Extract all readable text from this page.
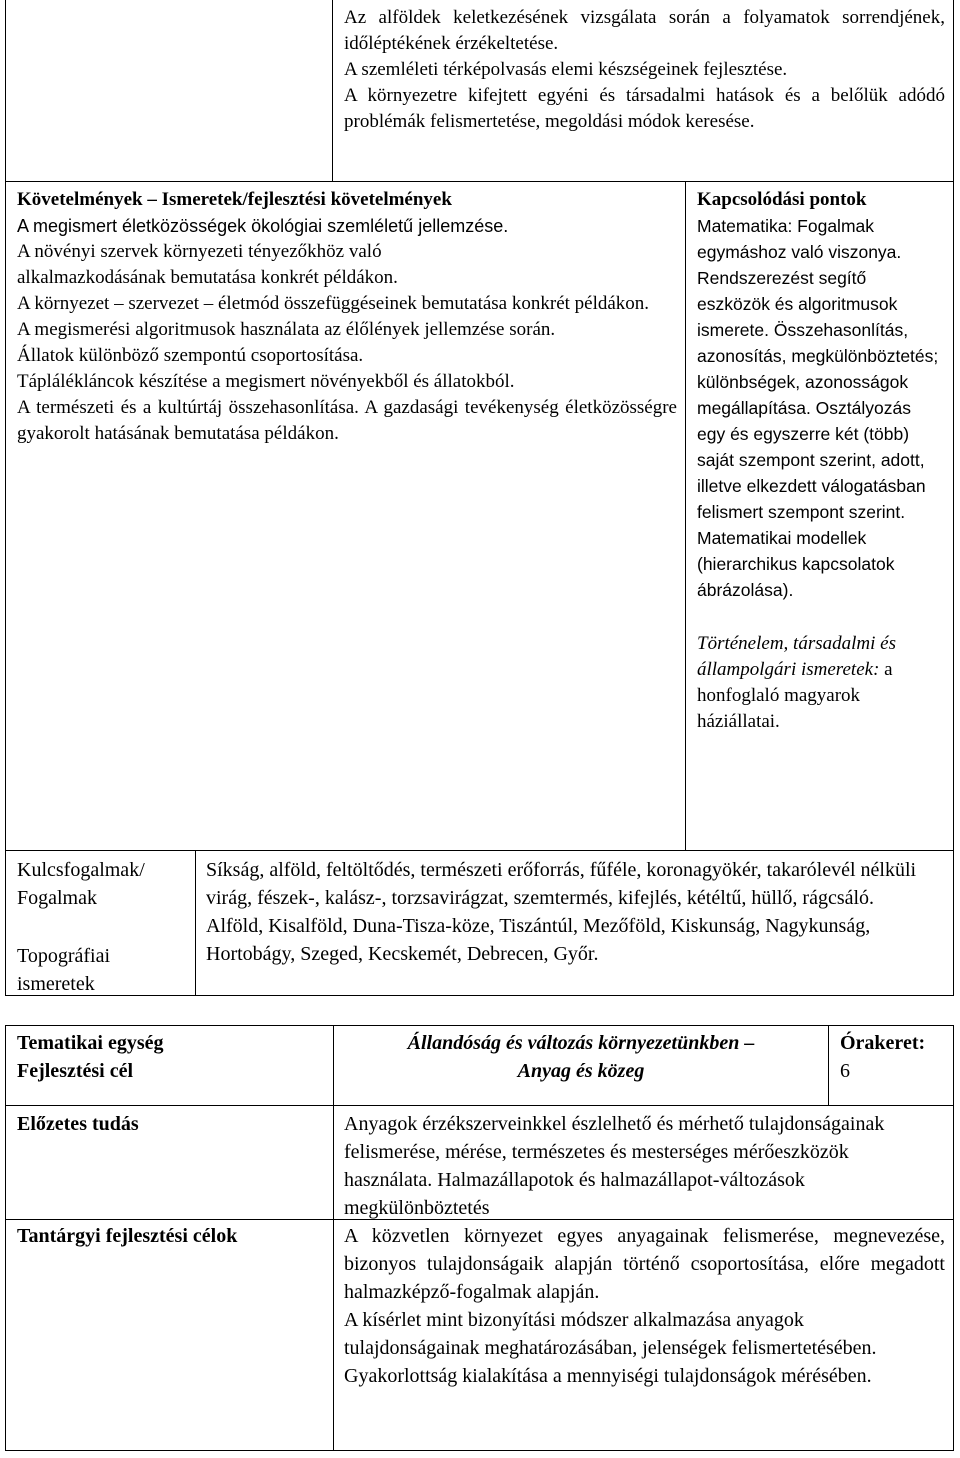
Az alföldek keletkezésének vizsgálata során a folyamatok sorrendjének, időléptékének érzékeltetése.

A szemléleti térképolvasás elemi készségeinek fejlesztése.

A környezetre kifejtett egyéni és társadalmi hatások és a belőlük adódó problémák felismertetése, megoldási módok keresése.

Követelmények – Ismeretek/fejlesztési követelmények

A megismert életközösségek ökológiai szemléletű jellemzése.

A növényi szervek környezeti tényezőkhöz való alkalmazkodásának bemutatása konkrét példákon.

A környezet – szervezet – életmód összefüggéseinek bemutatása konkrét példákon.

A megismerési algoritmusok használata az élőlények jellemzése során.

Állatok különböző szempontú csoportosítása.

Táplálékláncok készítése a megismert növényekből és állatokból.

A természeti és a kultúrtáj összehasonlítása. A gazdasági tevékenység életközösségre gyakorolt hatásának bemutatása példákon.

Kapcsolódási pontok

Matematika: Fogalmak egymáshoz való viszonya. Rendszerezést segítő eszközök és algoritmusok ismerete. Összehasonlítás, azonosítás, megkülönböztetés; különbségek, azonosságok megállapítása. Osztályozás egy és egyszerre két (több) saját szempont szerint, adott, illetve elkezdett válogatásban felismert szempont szerint. Matematikai modellek (hierarchikus kapcsolatok ábrázolása).

Történelem, társadalmi és állampolgári ismeretek: a honfoglaló magyarok háziállatai.

Kulcsfogalmak/ Fogalmak

Topográfiai ismeretek

Síkság, alföld, feltöltődés, természeti erőforrás, fűféle, koronagyökér, takarólevél nélküli virág, fészek-, kalász-, torzsavirágzat, szemtermés, kifejlés, kétéltű, hüllő, rágcsáló.

Alföld, Kisalföld, Duna-Tisza-köze, Tiszántúl, Mezőföld, Kiskunság, Nagykunság, Hortobágy, Szeged, Kecskemét, Debrecen, Győr.

Tematikai egység

Fejlesztési cél

Állandóság és változás környezetünkben – Anyag és közeg

Órakeret:

6

Előzetes tudás	Anyagok érzékszerveinkkel észlelhető és mérhető tulajdonságainak felismerése, mérése, természetes és mesterséges mérőeszközök használata. Halmazállapotok és halmazállapot-változások megkülönböztetés

Tantárgyi fejlesztési célok	A közvetlen környezet egyes anyagainak felismerése, megnevezése, bizonyos tulajdonságaik alapján történő csoportosítása, előre megadott halmazképző-fogalmak alapján.

A kísérlet mint bizonyítási módszer alkalmazása anyagok tulajdonságainak meghatározásában, jelenségek felismertetésében. Gyakorlottság kialakítása a mennyiségi tulajdonságok mérésében.
